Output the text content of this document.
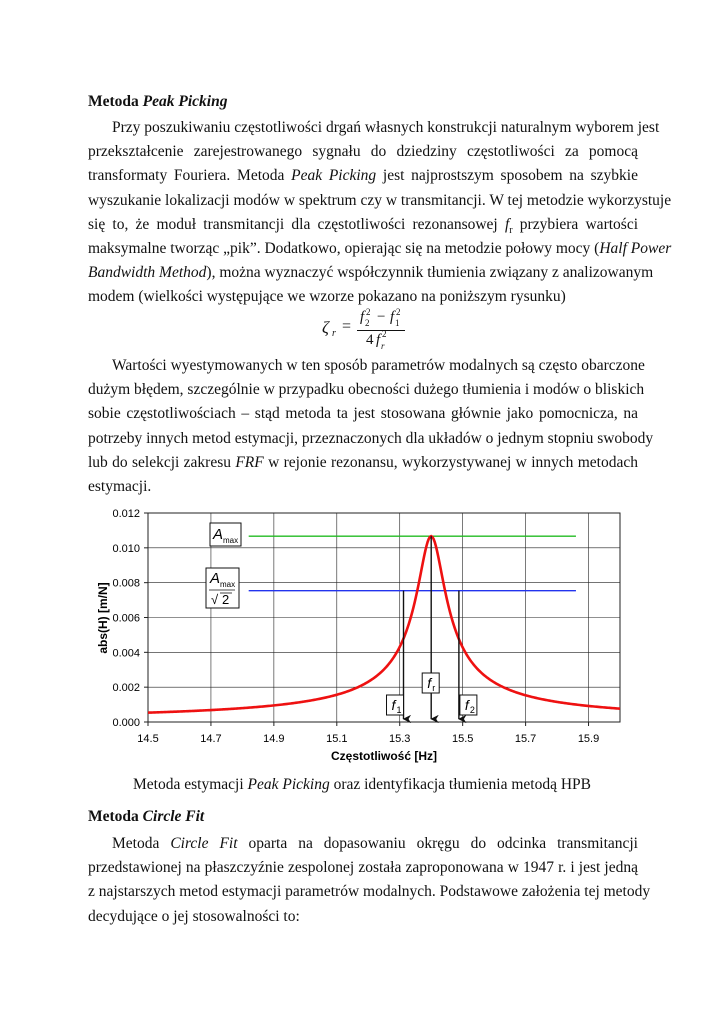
Metoda Peak Picking
Przy poszukiwaniu częstotliwości drgań własnych konstrukcji naturalnym wyborem jest
przekształcenie zarejestrowanego sygnału do dziedziny częstotliwości za pomocą
transformaty Fouriera. Metoda Peak Picking jest najprostszym sposobem na szybkie
wyszukanie lokalizacji modów w spektrum czy w transmitancji. W tej metodzie wykorzystuje
się to, że moduł transmitancji dla częstotliwości rezonansowej $f_r$ przybiera wartości
maksymalne tworząc „pik”. Dodatkowo, opierając się na metodzie połowy mocy (Half Power
Bandwidth Method), można wyznaczyć współczynnik tłumienia związany z analizowanym
modem (wielkości występujące we wzorze pokazano na poniższym rysunku)
ζ r =
f 2
2 − f 1
2
4 f r
2
Wartości wyestymowanych w ten sposób parametrów modalnych są często obarczone
dużym błędem, szczególnie w przypadku obecności dużego tłumienia i modów o bliskich
sobie częstotliwościach – stąd metoda ta jest stosowana głównie jako pomocnicza, na
potrzeby innych metod estymacji, przeznaczonych dla układów o jednym stopniu swobody
lub do selekcji zakresu FRF w rejonie rezonansu, wykorzystywanej w innych metodach
estymacji.
0.000
0.002
0.004
0.006
0.008
0.010
0.012
14.5	14.7	14.9	15.1	15.3	15.5	15.7	15.9
f 1
f r
f 2
A max
A max
√ 2
Częstotliwość [Hz]
abs(H) [m/N]
Metoda estymacji Peak Picking oraz identyfikacja tłumienia metodą HPB
Metoda Circle Fit
Metoda Circle Fit oparta na dopasowaniu okręgu do odcinka transmitancji
przedstawionej na płaszczyźnie zespolonej została zaproponowana w 1947 r. i jest jedną
z najstarszych metod estymacji parametrów modalnych. Podstawowe założenia tej metody
decydujące o jej stosowalności to:
